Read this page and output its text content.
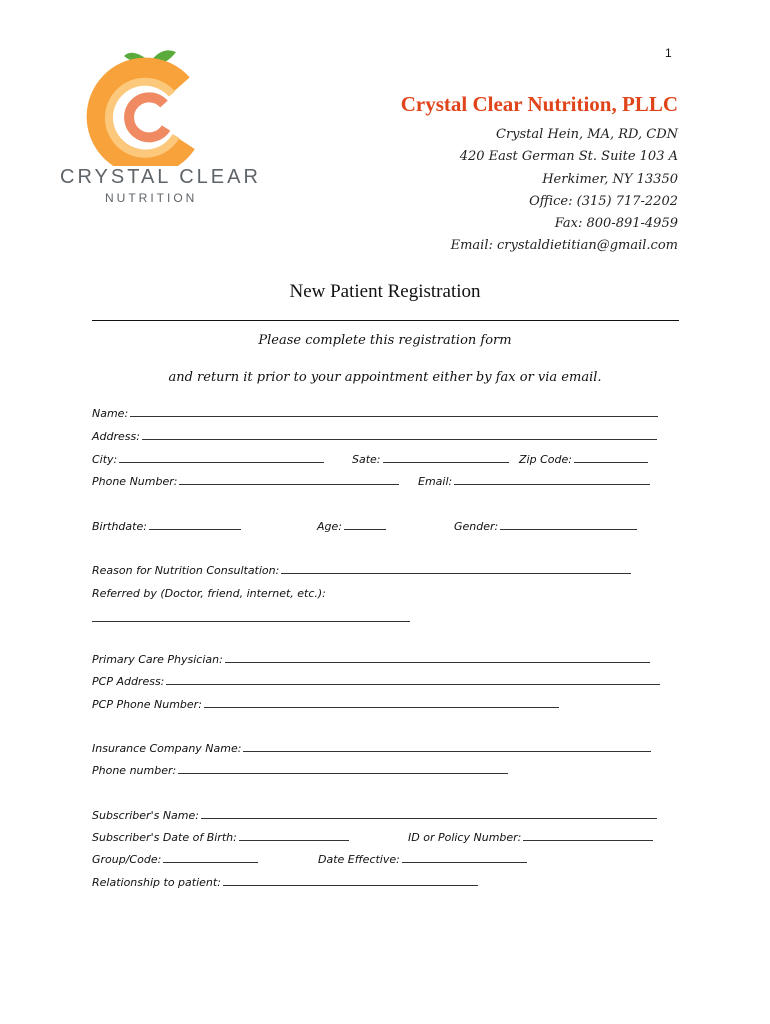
1
CRYSTAL CLEAR
NUTRITION
Crystal Clear Nutrition, PLLC
Crystal Hein, MA, RD, CDN
420 East German St. Suite 103 A
Herkimer, NY 13350
Office: (315) 717-2202
Fax: 800-891-4959
Email: crystaldietitian@gmail.com
New Patient Registration
Please complete this registration form
and return it prior to your appointment either by fax or via email.
Name:
Address:
City:	Sate:	Zip Code:
Phone Number:	Email:
Birthdate:	Age:	Gender:
Reason for Nutrition Consultation:
Referred by (Doctor, friend, internet, etc.):
Primary Care Physician:
PCP Address:
PCP Phone Number:
Insurance Company Name:
Phone number:
Subscriber's Name:
Subscriber's Date of Birth:	ID or Policy Number:
Group/Code:	Date Effective:
Relationship to patient:
